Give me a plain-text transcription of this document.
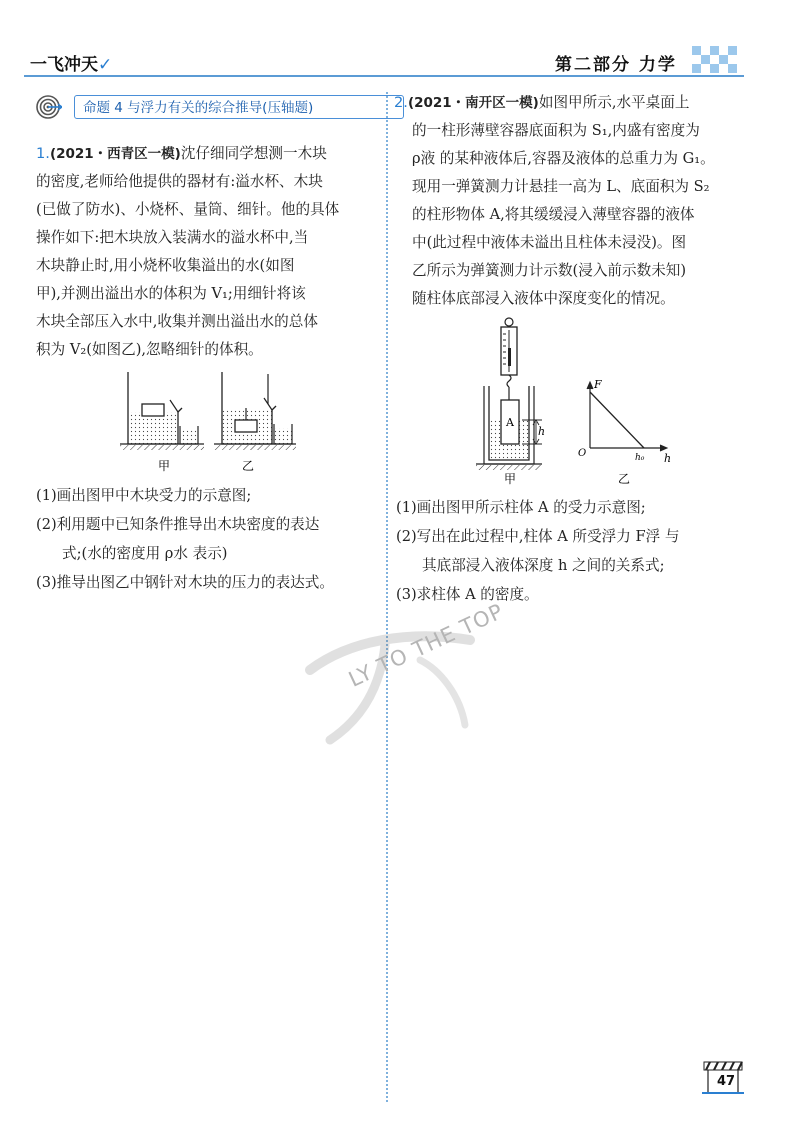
一飞冲天✓	第二部分 力学
命题 4 与浮力有关的综合推导(压轴题)
1.(2021・西青区一模)沈仔细同学想测一木块
的密度,老师给他提供的器材有:溢水杯、木块
(已做了防水)、小烧杯、量筒、细针。他的具体
操作如下:把木块放入装满水的溢水杯中,当
木块静止时,用小烧杯收集溢出的水(如图
甲),并测出溢出水的体积为 V₁;用细针将该
木块全部压入水中,收集并测出溢出水的总体
积为 V₂(如图乙),忽略细针的体积。
甲	乙
(1)画出图甲中木块受力的示意图;
(2)利用题中已知条件推导出木块密度的表达
式;(水的密度用 ρ水 表示)
(3)推导出图乙中钢针对木块的压力的表达式。
2.(2021・南开区一模)如图甲所示,水平桌面上
的一柱形薄壁容器底面积为 S₁,内盛有密度为
ρ液 的某种液体后,容器及液体的总重力为 G₁。
现用一弹簧测力计悬挂一高为 L、底面积为 S₂
的柱形物体 A,将其缓缓浸入薄壁容器的液体
中(此过程中液体未溢出且柱体未浸没)。图
乙所示为弹簧测力计示数(浸入前示数未知)
随柱体底部浸入液体中深度变化的情况。
A
h
甲
F
O	h₀ h
乙
(1)画出图甲所示柱体 A 的受力示意图;
(2)写出在此过程中,柱体 A 所受浮力 F浮 与
其底部浸入液体深度 h 之间的关系式;
(3)求柱体 A 的密度。
LY TO THE TOP
47
